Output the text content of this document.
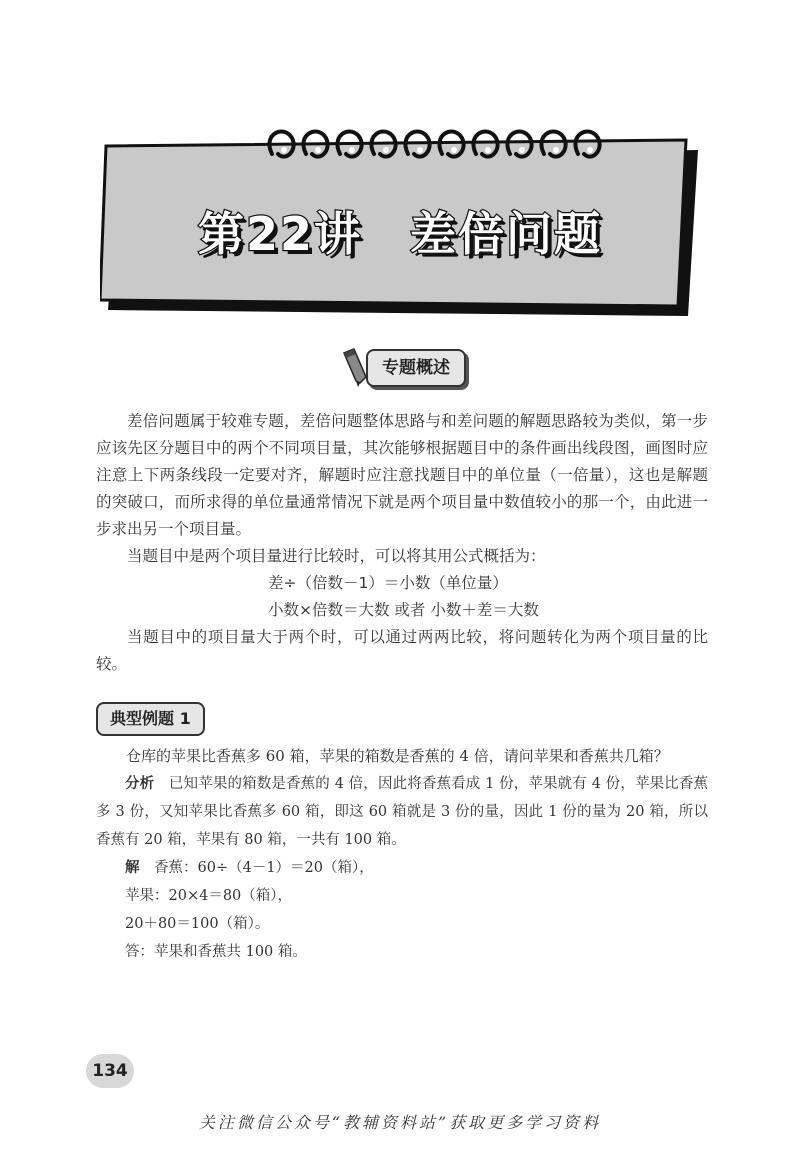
第22讲　差倍问题
专题概述

差倍问题属于较难专题，差倍问题整体思路与和差问题的解题思路较为类似，第一步应该先区分题目中的两个不同项目量，其次能够根据题目中的条件画出线段图，画图时应注意上下两条线段一定要对齐，解题时应注意找题目中的单位量（一倍量），这也是解题的突破口，而所求得的单位量通常情况下就是两个项目量中数值较小的那一个，由此进一步求出另一个项目量。

当题目中是两个项目量进行比较时，可以将其用公式概括为：

差÷（倍数－1）＝小数（单位量）

小数×倍数＝大数 或者 小数＋差＝大数

当题目中的项目量大于两个时，可以通过两两比较，将问题转化为两个项目量的比较。

典型例题 1

仓库的苹果比香蕉多 60 箱，苹果的箱数是香蕉的 4 倍，请问苹果和香蕉共几箱？

分析　 已知苹果的箱数是香蕉的 4 倍，因此将香蕉看成 1 份，苹果就有 4 份，苹果比香蕉多 3 份，又知苹果比香蕉多 60 箱，即这 60 箱就是 3 份的量，因此 1 份的量为 20 箱，所以香蕉有 20 箱，苹果有 80 箱，一共有 100 箱。

解　 香蕉：60÷（4－1）＝20（箱），

苹果：20×4＝80（箱），

20＋80＝100（箱）。

答：苹果和香蕉共 100 箱。

134
关注微信公众号“教辅资料站”获取更多学习资料
